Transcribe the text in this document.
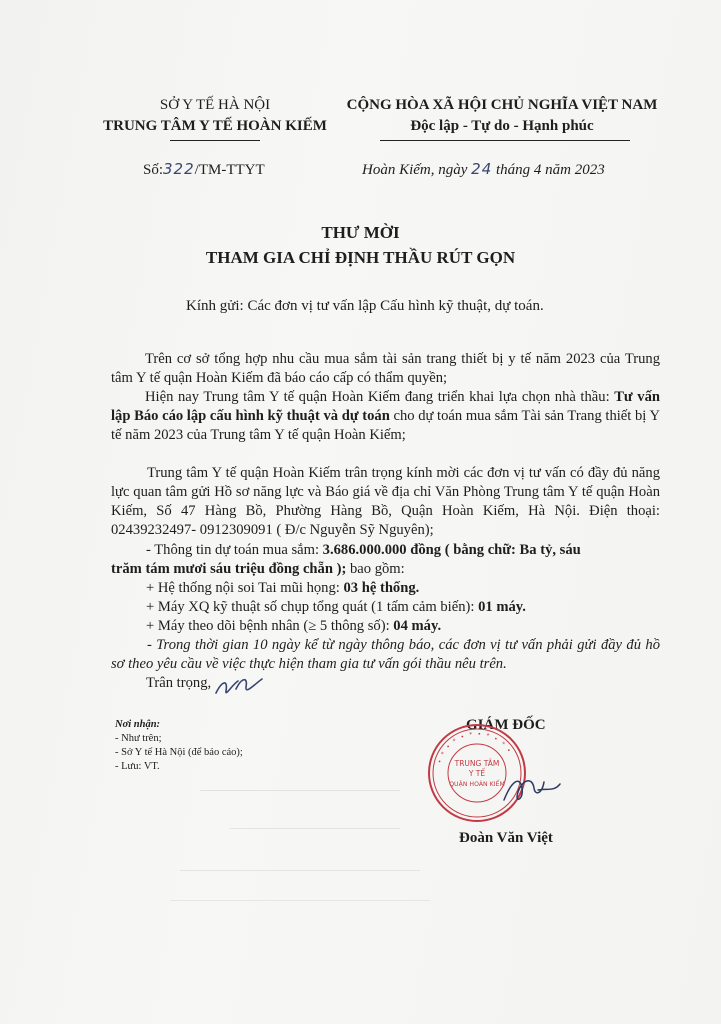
SỞ Y TẾ HÀ NỘI
TRUNG TÂM Y TẾ HOÀN KIẾM
CỘNG HÒA XÃ HỘI CHỦ NGHĨA VIỆT NAM
Độc lập - Tự do - Hạnh phúc
Số:322/TM-TTYT	Hoàn Kiếm, ngày 24 tháng 4 năm 2023
THƯ MỜI
THAM GIA CHỈ ĐỊNH THẦU RÚT GỌN
Kính gửi: Các đơn vị tư vấn lập Cấu hình kỹ thuật, dự toán.
Trên cơ sở tổng hợp nhu cầu mua sắm tài sản trang thiết bị y tế năm 2023 của Trung tâm Y tế quận Hoàn Kiếm đã báo cáo cấp có thẩm quyền;
Hiện nay Trung tâm Y tế quận Hoàn Kiếm đang triển khai lựa chọn nhà thầu: Tư vấn lập Báo cáo lập cấu hình kỹ thuật và dự toán cho dự toán mua sắm Tài sản Trang thiết bị Y tế năm 2023 của Trung tâm Y tế quận Hoàn Kiếm;
Trung tâm Y tế quận Hoàn Kiếm trân trọng kính mời các đơn vị tư vấn có đầy đủ năng lực quan tâm gửi Hồ sơ năng lực và Báo giá về địa chỉ Văn Phòng Trung tâm Y tế quận Hoàn Kiếm, Số 47 Hàng Bồ, Phường Hàng Bồ, Quận Hoàn Kiếm, Hà Nội. Điện thoại: 02439232497- 0912309091 ( Đ/c Nguyễn Sỹ Nguyên);
- Thông tin dự toán mua sắm: 3.686.000.000 đồng ( bằng chữ: Ba tỷ, sáu
trăm tám mươi sáu triệu đồng chẵn ); bao gồm:
+ Hệ thống nội soi Tai mũi họng: 03 hệ thống.
+ Máy XQ kỹ thuật số chụp tổng quát (1 tấm cảm biến): 01 máy.
+ Máy theo dõi bệnh nhân (≥ 5 thông số): 04 máy.
- Trong thời gian 10 ngày kể từ ngày thông báo, các đơn vị tư vấn phải gửi đầy đủ hồ sơ theo yêu cầu về việc thực hiện tham gia tư vấn gói thầu nêu trên.
Trân trọng,
Nơi nhận:
- Như trên;
- Sở Y tế Hà Nội (để báo cáo);
- Lưu: VT.
GIÁM ĐỐC
• * • * • * • * • * •
TRUNG TÂM
Y TẾ
QUẬN HOÀN KIẾM
Đoàn Văn Việt
